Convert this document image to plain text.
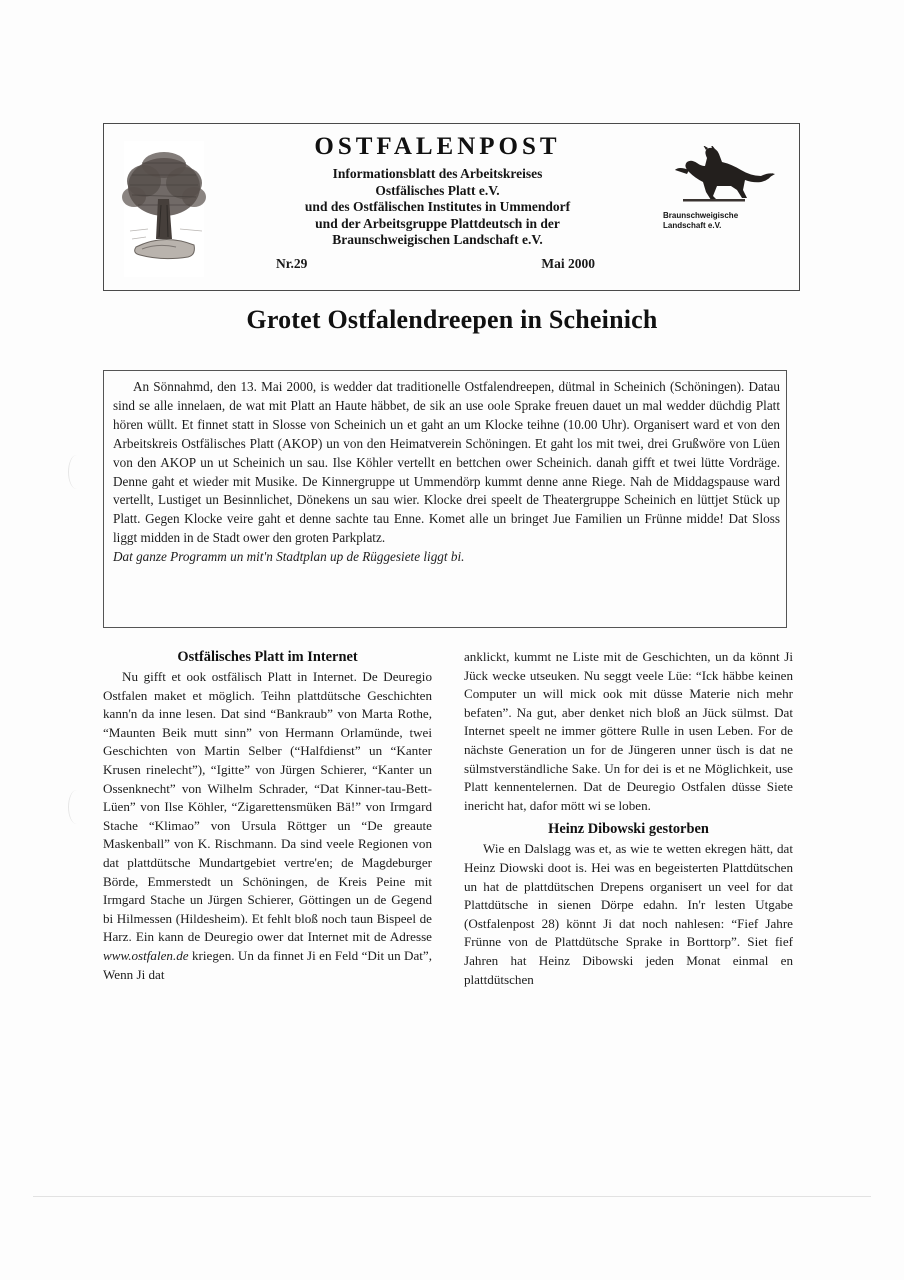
OSTFALENPOST
Informationsblatt des Arbeitskreises
Ostfälisches Platt e.V.
und des Ostfälischen Institutes in Ummendorf
und der Arbeitsgruppe Plattdeutsch in der
Braunschweigischen Landschaft e.V.
Nr.29	Mai 2000
Braunschweigische
Landschaft e.V.
Grotet Ostfalendreepen in Scheinich

An Sönnahmd, den 13. Mai 2000, is wedder dat traditionelle Ostfalendreepen, dütmal in Scheinich (Schöningen). Datau sind se alle innelaen, de wat mit Platt an Haute häbbet, de sik an use oole Sprake freuen dauet un mal wedder düchdig Platt hören wüllt. Et finnet statt in Slosse von Scheinich un et gaht an um Klocke teihne (10.00 Uhr). Organisert ward et von den Arbeitskreis Ostfälisches Platt (AKOP) un von den Heimatverein Schöningen. Et gaht los mit twei, drei Grußwöre von Lüen von den AKOP un ut Scheinich un sau. Ilse Köhler vertellt en bettchen ower Scheinich. danah gifft et twei lütte Vordräge. Denne gaht et wieder mit Musike. De Kinnergruppe ut Ummendörp kummt denne anne Riege. Nah de Middagspause ward vertellt, Lustiget un Besinnlichet, Dönekens un sau wier. Klocke drei speelt de Theatergruppe Scheinich en lüttjet Stück up Platt. Gegen Klocke veire gaht et denne sachte tau Enne. Komet alle un bringet Jue Familien un Frünne midde! Dat Sloss liggt midden in de Stadt ower den groten Parkplatz.

Dat ganze Programm un mit'n Stadtplan up de Rüggesiete liggt bi.

Ostfälisches Platt im Internet

Nu gifft et ook ostfälisch Platt in Internet. De Deuregio Ostfalen maket et möglich. Teihn plattdütsche Geschichten kann'n da inne lesen. Dat sind “Bankraub” von Marta Rothe, “Maunten Beik mutt sinn” von Hermann Orlamünde, twei Geschichten von Martin Selber (“Halfdienst” un “Kanter Krusen rinelecht”), “Igitte” von Jürgen Schierer, “Kanter un Ossenknecht” von Wilhelm Schrader, “Dat Kinner-tau-Bett-Lüen” von Ilse Köhler, “Zigarettensmüken Bä!” von Irmgard Stache “Klimao” von Ursula Röttger un “De greaute Maskenball” von K. Rischmann. Da sind veele Regionen von dat plattdütsche Mundartgebiet vertre'en; de Magdeburger Börde, Emmerstedt un Schöningen, de Kreis Peine mit Irmgard Stache un Jürgen Schierer, Göttingen un de Gegend bi Hilmessen (Hildesheim). Et fehlt bloß noch taun Bispeel de Harz. Ein kann de Deuregio ower dat Internet mit de Adresse www.ostfalen.de kriegen. Un da finnet Ji en Feld “Dit un Dat”, Wenn Ji dat

anklickt, kummt ne Liste mit de Geschichten, un da könnt Ji Jück wecke utseuken. Nu seggt veele Lüe: “Ick häbbe keinen Computer un will mick ook mit düsse Materie nich mehr befaten”. Na gut, aber denket nich bloß an Jück sülmst. Dat Internet speelt ne immer göttere Rulle in usen Leben. For de nächste Generation un for de Jüngeren unner üsch is dat ne sülmstverständliche Sake. Un for dei is et ne Möglichkeit, use Platt kennentelernen. Dat de Deuregio Ostfalen düsse Siete inericht hat, dafor mött wi se loben.

Heinz Dibowski gestorben

Wie en Dalslagg was et, as wie te wetten ekregen hätt, dat Heinz Diowski doot is. Hei was en begeisterten Plattdütschen un hat de plattdütschen Drepens organisert un veel for dat Plattdütsche in sienen Dörpe edahn. In'r lesten Utgabe (Ostfalenpost 28) könnt Ji dat noch nahlesen: “Fief Jahre Frünne von de Plattdütsche Sprake in Borttorp”. Siet fief Jahren hat Heinz Dibowski jeden Monat einmal en plattdütschen
